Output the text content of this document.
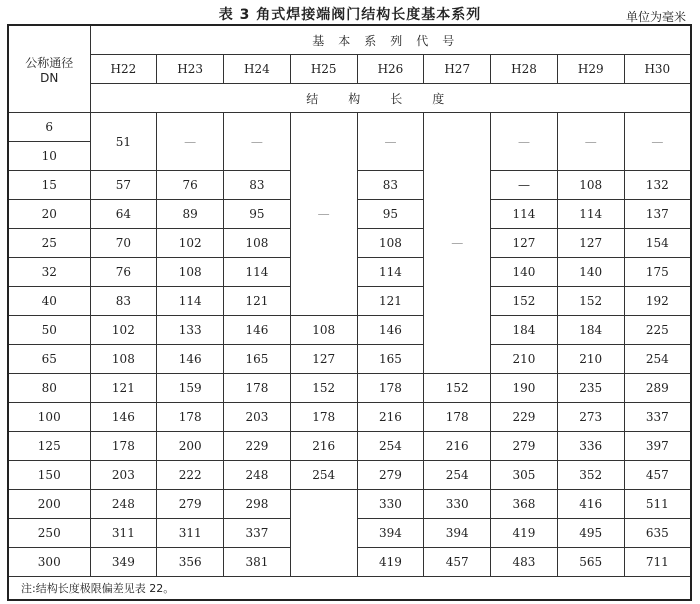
表 3 角式焊接端阀门结构长度基本系列	单位为毫米
公称通径
DN	基本系列代号								
	H22	H23	H24	H25	H26	H27	H28	H29	H30
	结构长度								
6	51	—	—	—	—	—	—	—	—
10									
15	57	76	83		83		—	108	132
20	64	89	95		95		114	114	137
25	70	102	108		108		127	127	154
32	76	108	114		114		140	140	175
40	83	114	121		121		152	152	192
50	102	133	146	108	146		184	184	225
65	108	146	165	127	165		210	210	254
80	121	159	178	152	178	152	190	235	289
100	146	178	203	178	216	178	229	273	337
125	178	200	229	216	254	216	279	336	397
150	203	222	248	254	279	254	305	352	457
200	248	279	298		330	330	368	416	511
250	311	311	337		394	394	419	495	635
300	349	356	381		419	457	483	565	711
注:结构长度极限偏差见表 22。									
